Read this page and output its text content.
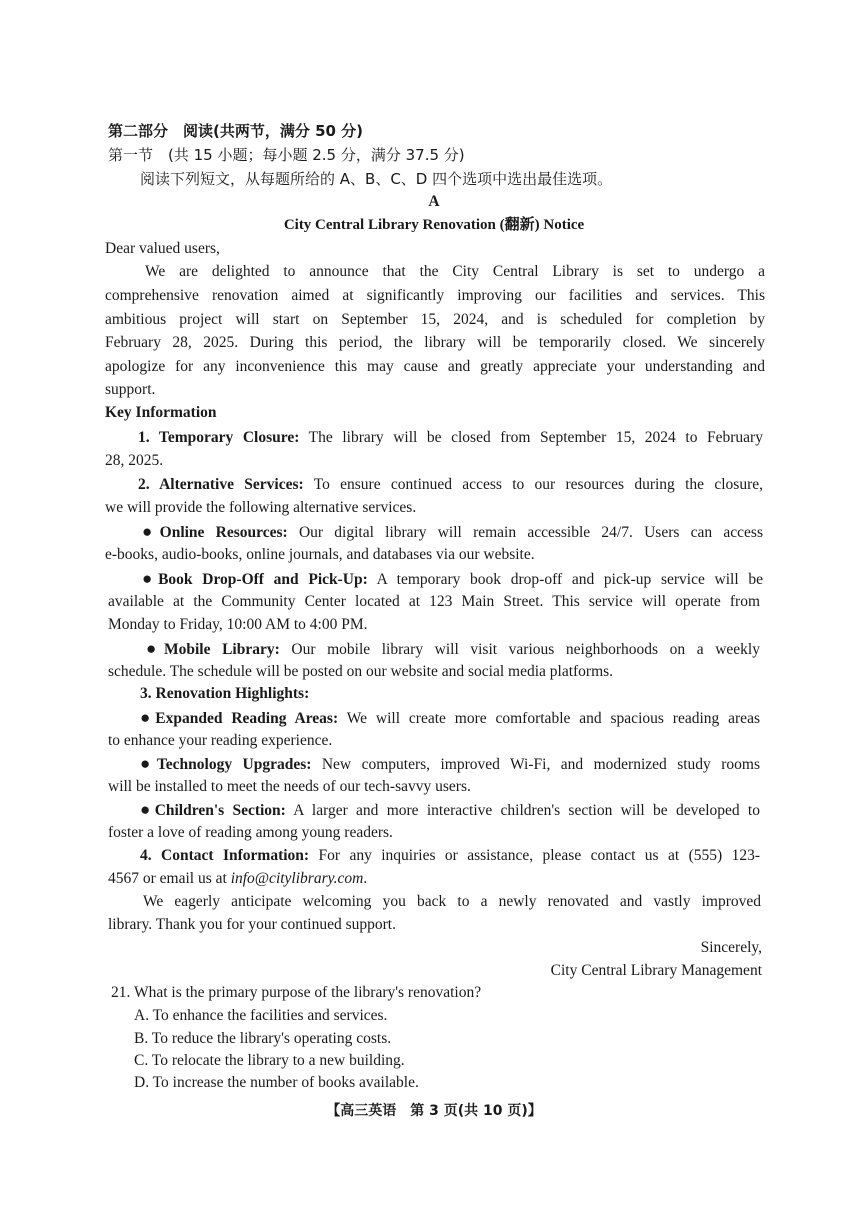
第二部分　阅读(共两节，满分 50 分)
第一节　(共 15 小题；每小题 2.5 分，满分 37.5 分)
阅读下列短文，从每题所给的 A、B、C、D 四个选项中选出最佳选项。
A
City Central Library Renovation (翻新) Notice
Dear valued users,
We are delighted to announce that the City Central Library is set to undergo a
comprehensive renovation aimed at significantly improving our facilities and services. This
ambitious project will start on September 15, 2024, and is scheduled for completion by
February 28, 2025. During this period, the library will be temporarily closed. We sincerely
apologize for any inconvenience this may cause and greatly appreciate your understanding and
support.
Key Information
1. Temporary Closure: The library will be closed from September 15, 2024 to February
28, 2025.
2. Alternative Services: To ensure continued access to our resources during the closure,
we will provide the following alternative services.
●Online Resources: Our digital library will remain accessible 24/7. Users can access
e-books, audio-books, online journals, and databases via our website.
●Book Drop-Off and Pick-Up: A temporary book drop-off and pick-up service will be
available at the Community Center located at 123 Main Street. This service will operate from
Monday to Friday, 10:00 AM to 4:00 PM.
●Mobile Library: Our mobile library will visit various neighborhoods on a weekly
schedule. The schedule will be posted on our website and social media platforms.
3. Renovation Highlights:
●Expanded Reading Areas: We will create more comfortable and spacious reading areas
to enhance your reading experience.
●Technology Upgrades: New computers, improved Wi-Fi, and modernized study rooms
will be installed to meet the needs of our tech-savvy users.
●Children's Section: A larger and more interactive children's section will be developed to
foster a love of reading among young readers.
4. Contact Information: For any inquiries or assistance, please contact us at (555) 123-
4567 or email us at info@citylibrary.com.
We eagerly anticipate welcoming you back to a newly renovated and vastly improved
library. Thank you for your continued support.
Sincerely,
City Central Library Management
21. What is the primary purpose of the library's renovation?
A. To enhance the facilities and services.
B. To reduce the library's operating costs.
C. To relocate the library to a new building.
D. To increase the number of books available.
【高三英语　第 3 页(共 10 页)】
